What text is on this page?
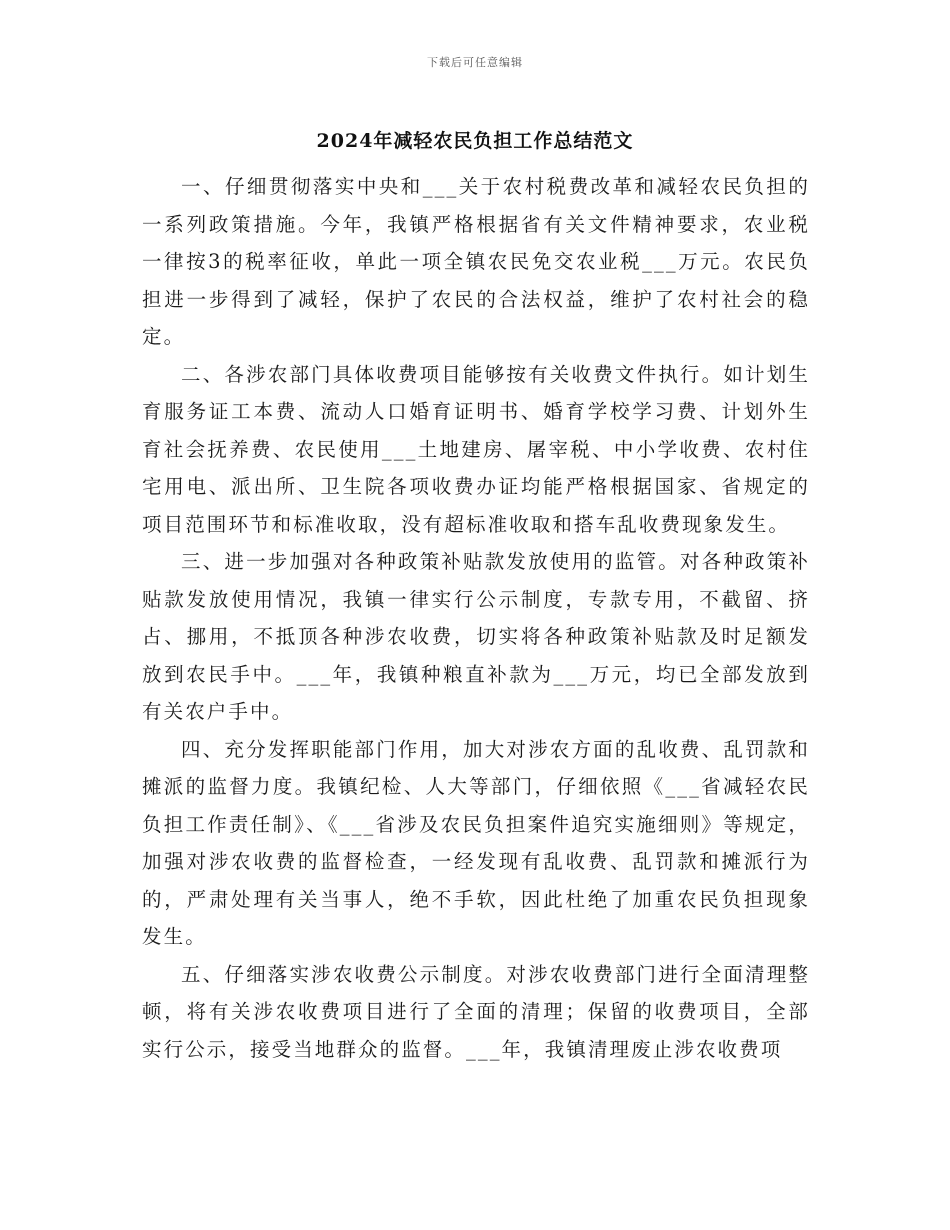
下载后可任意编辑
2024年减轻农民负担工作总结范文

一、仔细贯彻落实中央和___关于农村税费改革和减轻农民负担的一系列政策措施。今年，我镇严格根据省有关文件精神要求，农业税一律按3的税率征收，单此一项全镇农民免交农业税___万元。农民负担进一步得到了减轻，保护了农民的合法权益，维护了农村社会的稳定。

二、各涉农部门具体收费项目能够按有关收费文件执行。如计划生育服务证工本费、流动人口婚育证明书、婚育学校学习费、计划外生育社会抚养费、农民使用___土地建房、屠宰税、中小学收费、农村住宅用电、派出所、卫生院各项收费办证均能严格根据国家、省规定的项目范围环节和标准收取，没有超标准收取和搭车乱收费现象发生。

三、进一步加强对各种政策补贴款发放使用的监管。对各种政策补贴款发放使用情况，我镇一律实行公示制度，专款专用，不截留、挤占、挪用，不抵顶各种涉农收费，切实将各种政策补贴款及时足额发放到农民手中。___年，我镇种粮直补款为___万元，均已全部发放到有关农户手中。

四、充分发挥职能部门作用，加大对涉农方面的乱收费、乱罚款和摊派的监督力度。我镇纪检、人大等部门，仔细依照《___省减轻农民负担工作责任制》、《___省涉及农民负担案件追究实施细则》等规定，加强对涉农收费的监督检查，一经发现有乱收费、乱罚款和摊派行为的，严肃处理有关当事人，绝不手软，因此杜绝了加重农民负担现象发生。

五、仔细落实涉农收费公示制度。对涉农收费部门进行全面清理整顿，将有关涉农收费项目进行了全面的清理；保留的收费项目，全部实行公示，接受当地群众的监督。___年，我镇清理废止涉农收费项
